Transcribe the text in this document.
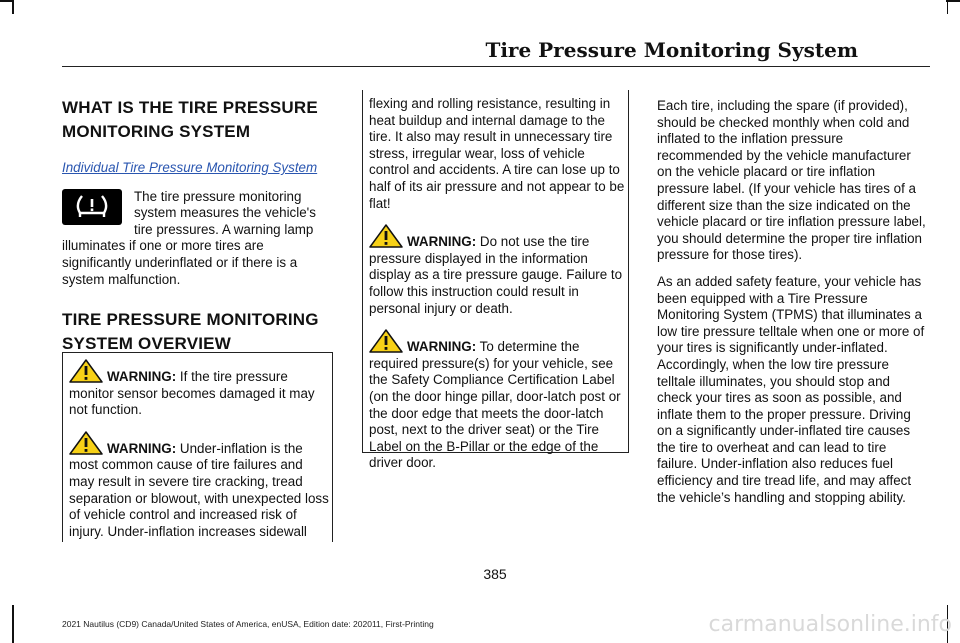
Tire Pressure Monitoring System
WHAT IS THE TIRE PRESSURE MONITORING SYSTEM
Individual Tire Pressure Monitoring System

The tire pressure monitoring system measures the vehicle's tire pressures. A warning lamp illuminates if one or more tires are significantly underinflated or if there is a system malfunction.

TIRE PRESSURE MONITORING SYSTEM OVERVIEW

WARNING: If the tire pressure monitor sensor becomes damaged it may not function.

WARNING: Under-inflation is the most common cause of tire failures and may result in severe tire cracking, tread separation or blowout, with unexpected loss of vehicle control and increased risk of injury. Under-inflation increases sidewall

flexing and rolling resistance, resulting in heat buildup and internal damage to the tire. It also may result in unnecessary tire stress, irregular wear, loss of vehicle control and accidents. A tire can lose up to half of its air pressure and not appear to be flat!

WARNING: Do not use the tire pressure displayed in the information display as a tire pressure gauge. Failure to follow this instruction could result in personal injury or death.

WARNING: To determine the required pressure(s) for your vehicle, see the Safety Compliance Certification Label (on the door hinge pillar, door-latch post or the door edge that meets the door-latch post, next to the driver seat) or the Tire Label on the B-Pillar or the edge of the driver door.

Each tire, including the spare (if provided), should be checked monthly when cold and inflated to the inflation pressure recommended by the vehicle manufacturer on the vehicle placard or tire inflation pressure label. (If your vehicle has tires of a different size than the size indicated on the vehicle placard or tire inflation pressure label, you should determine the proper tire inflation pressure for those tires).

As an added safety feature, your vehicle has been equipped with a Tire Pressure Monitoring System (TPMS) that illuminates a low tire pressure telltale when one or more of your tires is significantly under-inflated. Accordingly, when the low tire pressure telltale illuminates, you should stop and check your tires as soon as possible, and inflate them to the proper pressure. Driving on a significantly under-inflated tire causes the tire to overheat and can lead to tire failure. Under-inflation also reduces fuel efficiency and tire tread life, and may affect the vehicle’s handling and stopping ability.

385
2021 Nautilus (CD9) Canada/United States of America, enUSA, Edition date: 202011, First-Printing	carmanualsonline.info
